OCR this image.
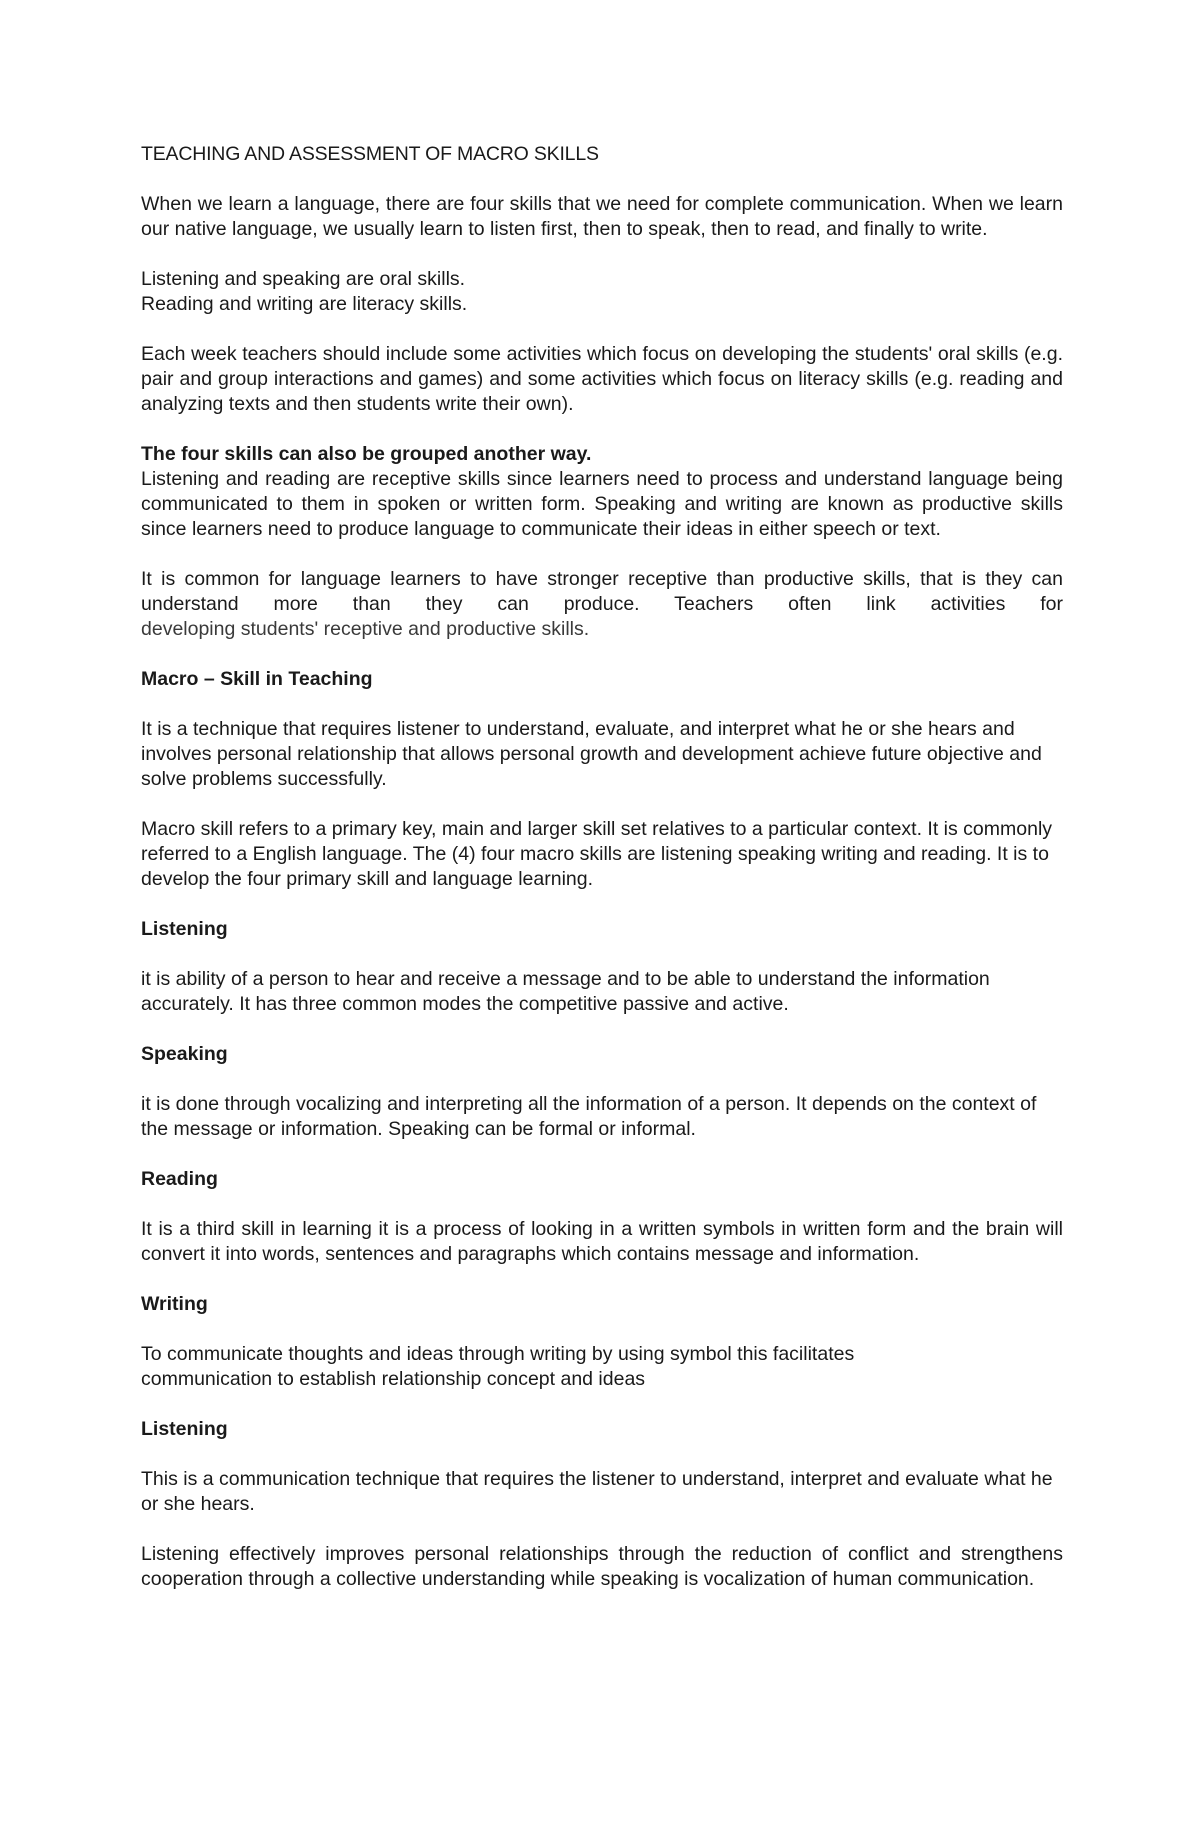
TEACHING AND ASSESSMENT OF MACRO SKILLS

When we learn a language, there are four skills that we need for complete communication. When we learn our native language, we usually learn to listen first, then to speak, then to read, and finally to write.

Listening and speaking are oral skills.
Reading and writing are literacy skills.

Each week teachers should include some activities which focus on developing the students' oral skills (e.g. pair and group interactions and games) and some activities which focus on literacy skills (e.g. reading and analyzing texts and then students write their own).

The four skills can also be grouped another way.
Listening and reading are receptive skills since learners need to process and understand language being communicated to them in spoken or written form. Speaking and writing are known as productive skills since learners need to produce language to communicate their ideas in either speech or text.

It is common for language learners to have stronger receptive than productive skills, that is they can understand more than they can produce. Teachers often link activities for
developing students' receptive and productive skills.

Macro – Skill in Teaching

It is a technique that requires listener to understand, evaluate, and interpret what he or she hears and involves personal relationship that allows personal growth and development achieve future objective and solve problems successfully.

Macro skill refers to a primary key, main and larger skill set relatives to a particular context. It is commonly referred to a English language. The (4) four macro skills are listening speaking writing and reading. It is to develop the four primary skill and language learning.

Listening

it is ability of a person to hear and receive a message and to be able to understand the information accurately. It has three common modes the competitive passive and active.

Speaking

it is done through vocalizing and interpreting all the information of a person. It depends on the context of the message or information. Speaking can be formal or informal.

Reading

It is a third skill in learning it is a process of looking in a written symbols in written form and the brain will convert it into words, sentences and paragraphs which contains message and information.

Writing

To communicate thoughts and ideas through writing by using symbol this facilitates communication to establish relationship concept and ideas

Listening

This is a communication technique that requires the listener to understand, interpret and evaluate what he or she hears.

Listening effectively improves personal relationships through the reduction of conflict and strengthens cooperation through a collective understanding while speaking is vocalization of human communication.
